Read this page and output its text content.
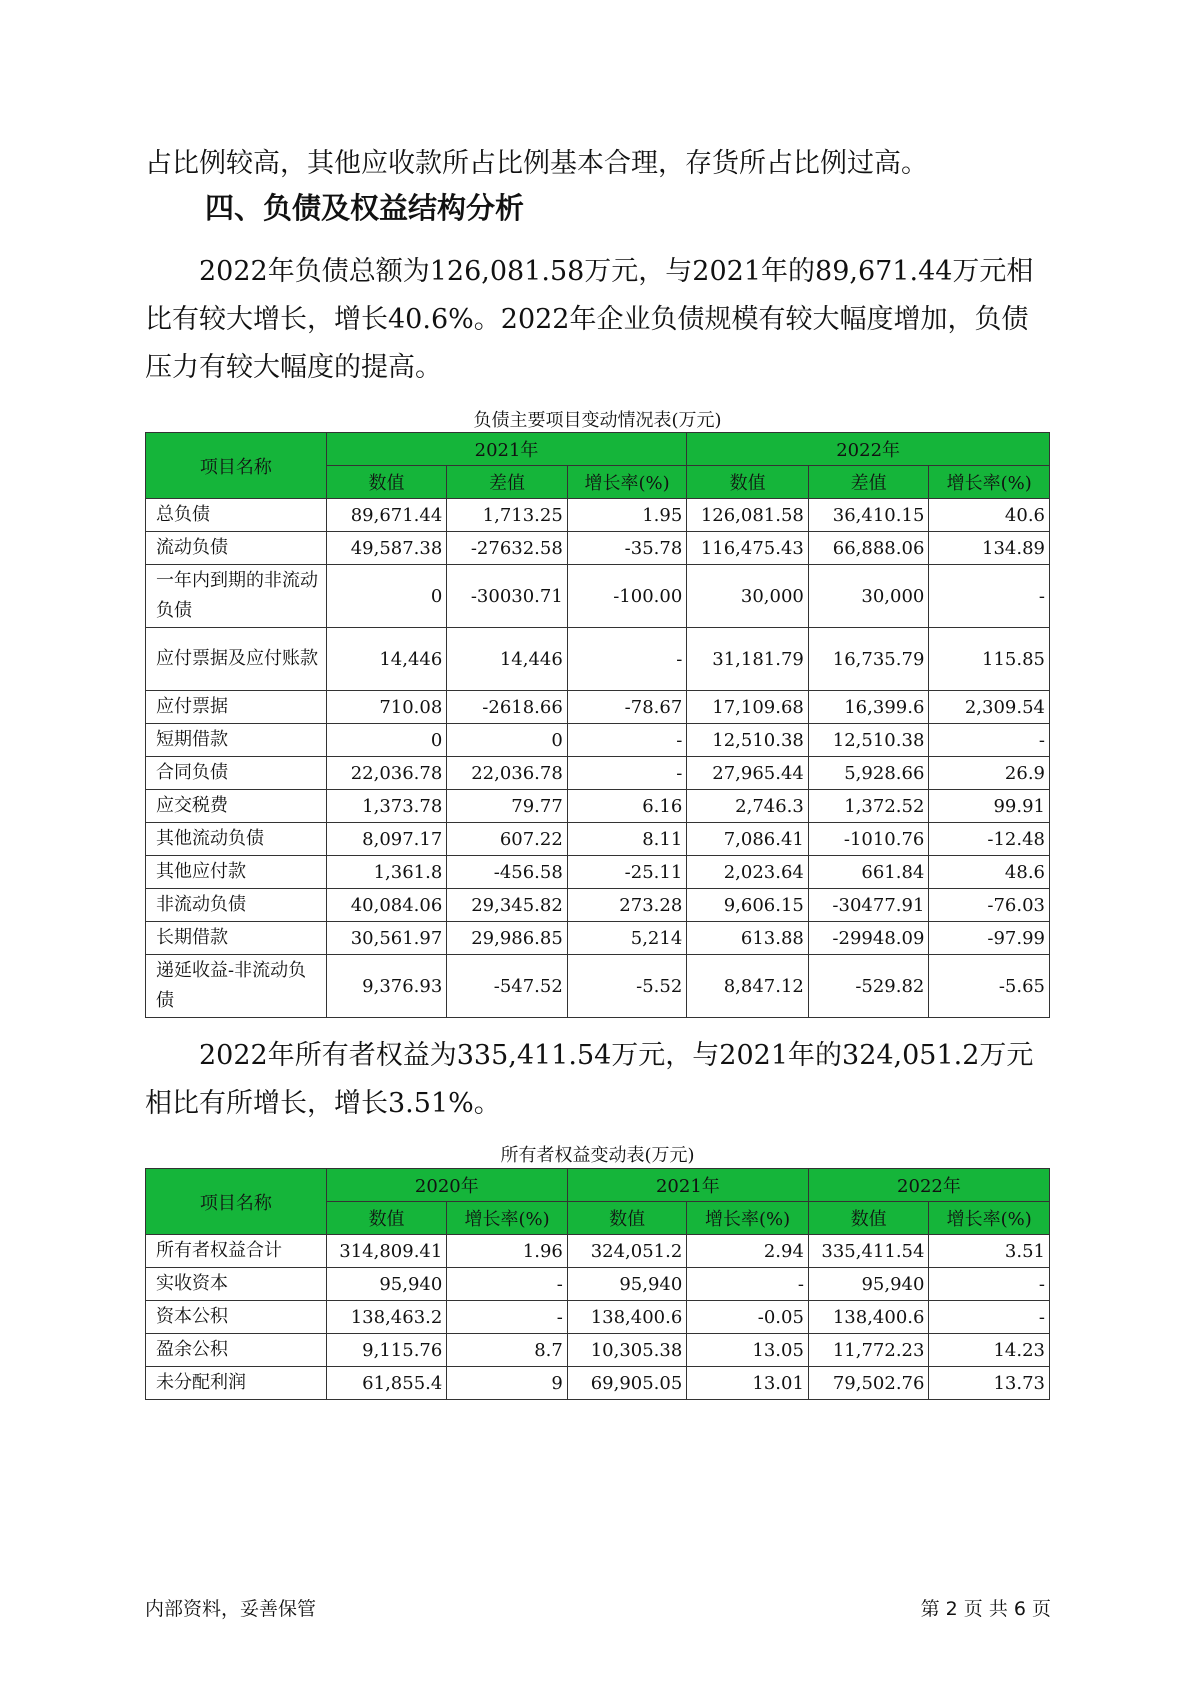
占比例较高，其他应收款所占比例基本合理，存货所占比例过高。

四、负债及权益结构分析

2022年负债总额为126,081.58万元，与2021年的89,671.44万元相比有较大增长，增长40.6%。2022年企业负债规模有较大幅度增加，负债压力有较大幅度的提高。

负债主要项目变动情况表(万元)
项目名称	2021年			2022年		
	数值	差值	增长率(%)	数值	差值	增长率(%)
总负债	89,671.44	1,713.25	1.95	126,081.58	36,410.15	40.6
流动负债	49,587.38	-27632.58	-35.78	116,475.43	66,888.06	134.89
一年内到期的非流动负债	0	-30030.71	-100.00	30,000	30,000	-
应付票据及应付账款	14,446	14,446	-	31,181.79	16,735.79	115.85
应付票据	710.08	-2618.66	-78.67	17,109.68	16,399.6	2,309.54
短期借款	0	0	-	12,510.38	12,510.38	-
合同负债	22,036.78	22,036.78	-	27,965.44	5,928.66	26.9
应交税费	1,373.78	79.77	6.16	2,746.3	1,372.52	99.91
其他流动负债	8,097.17	607.22	8.11	7,086.41	-1010.76	-12.48
其他应付款	1,361.8	-456.58	-25.11	2,023.64	661.84	48.6
非流动负债	40,084.06	29,345.82	273.28	9,606.15	-30477.91	-76.03
长期借款	30,561.97	29,986.85	5,214	613.88	-29948.09	-97.99
递延收益-非流动负债	9,376.93	-547.52	-5.52	8,847.12	-529.82	-5.65

2022年所有者权益为335,411.54万元，与2021年的324,051.2万元相比有所增长，增长3.51%。

所有者权益变动表(万元)
项目名称	2020年		2021年		2022年	
	数值	增长率(%)	数值	增长率(%)	数值	增长率(%)
所有者权益合计	314,809.41	1.96	324,051.2	2.94	335,411.54	3.51
实收资本	95,940	-	95,940	-	95,940	-
资本公积	138,463.2	-	138,400.6	-0.05	138,400.6	-
盈余公积	9,115.76	8.7	10,305.38	13.05	11,772.23	14.23
未分配利润	61,855.4	9	69,905.05	13.01	79,502.76	13.73
内部资料，妥善保管	第 2 页 共 6 页
